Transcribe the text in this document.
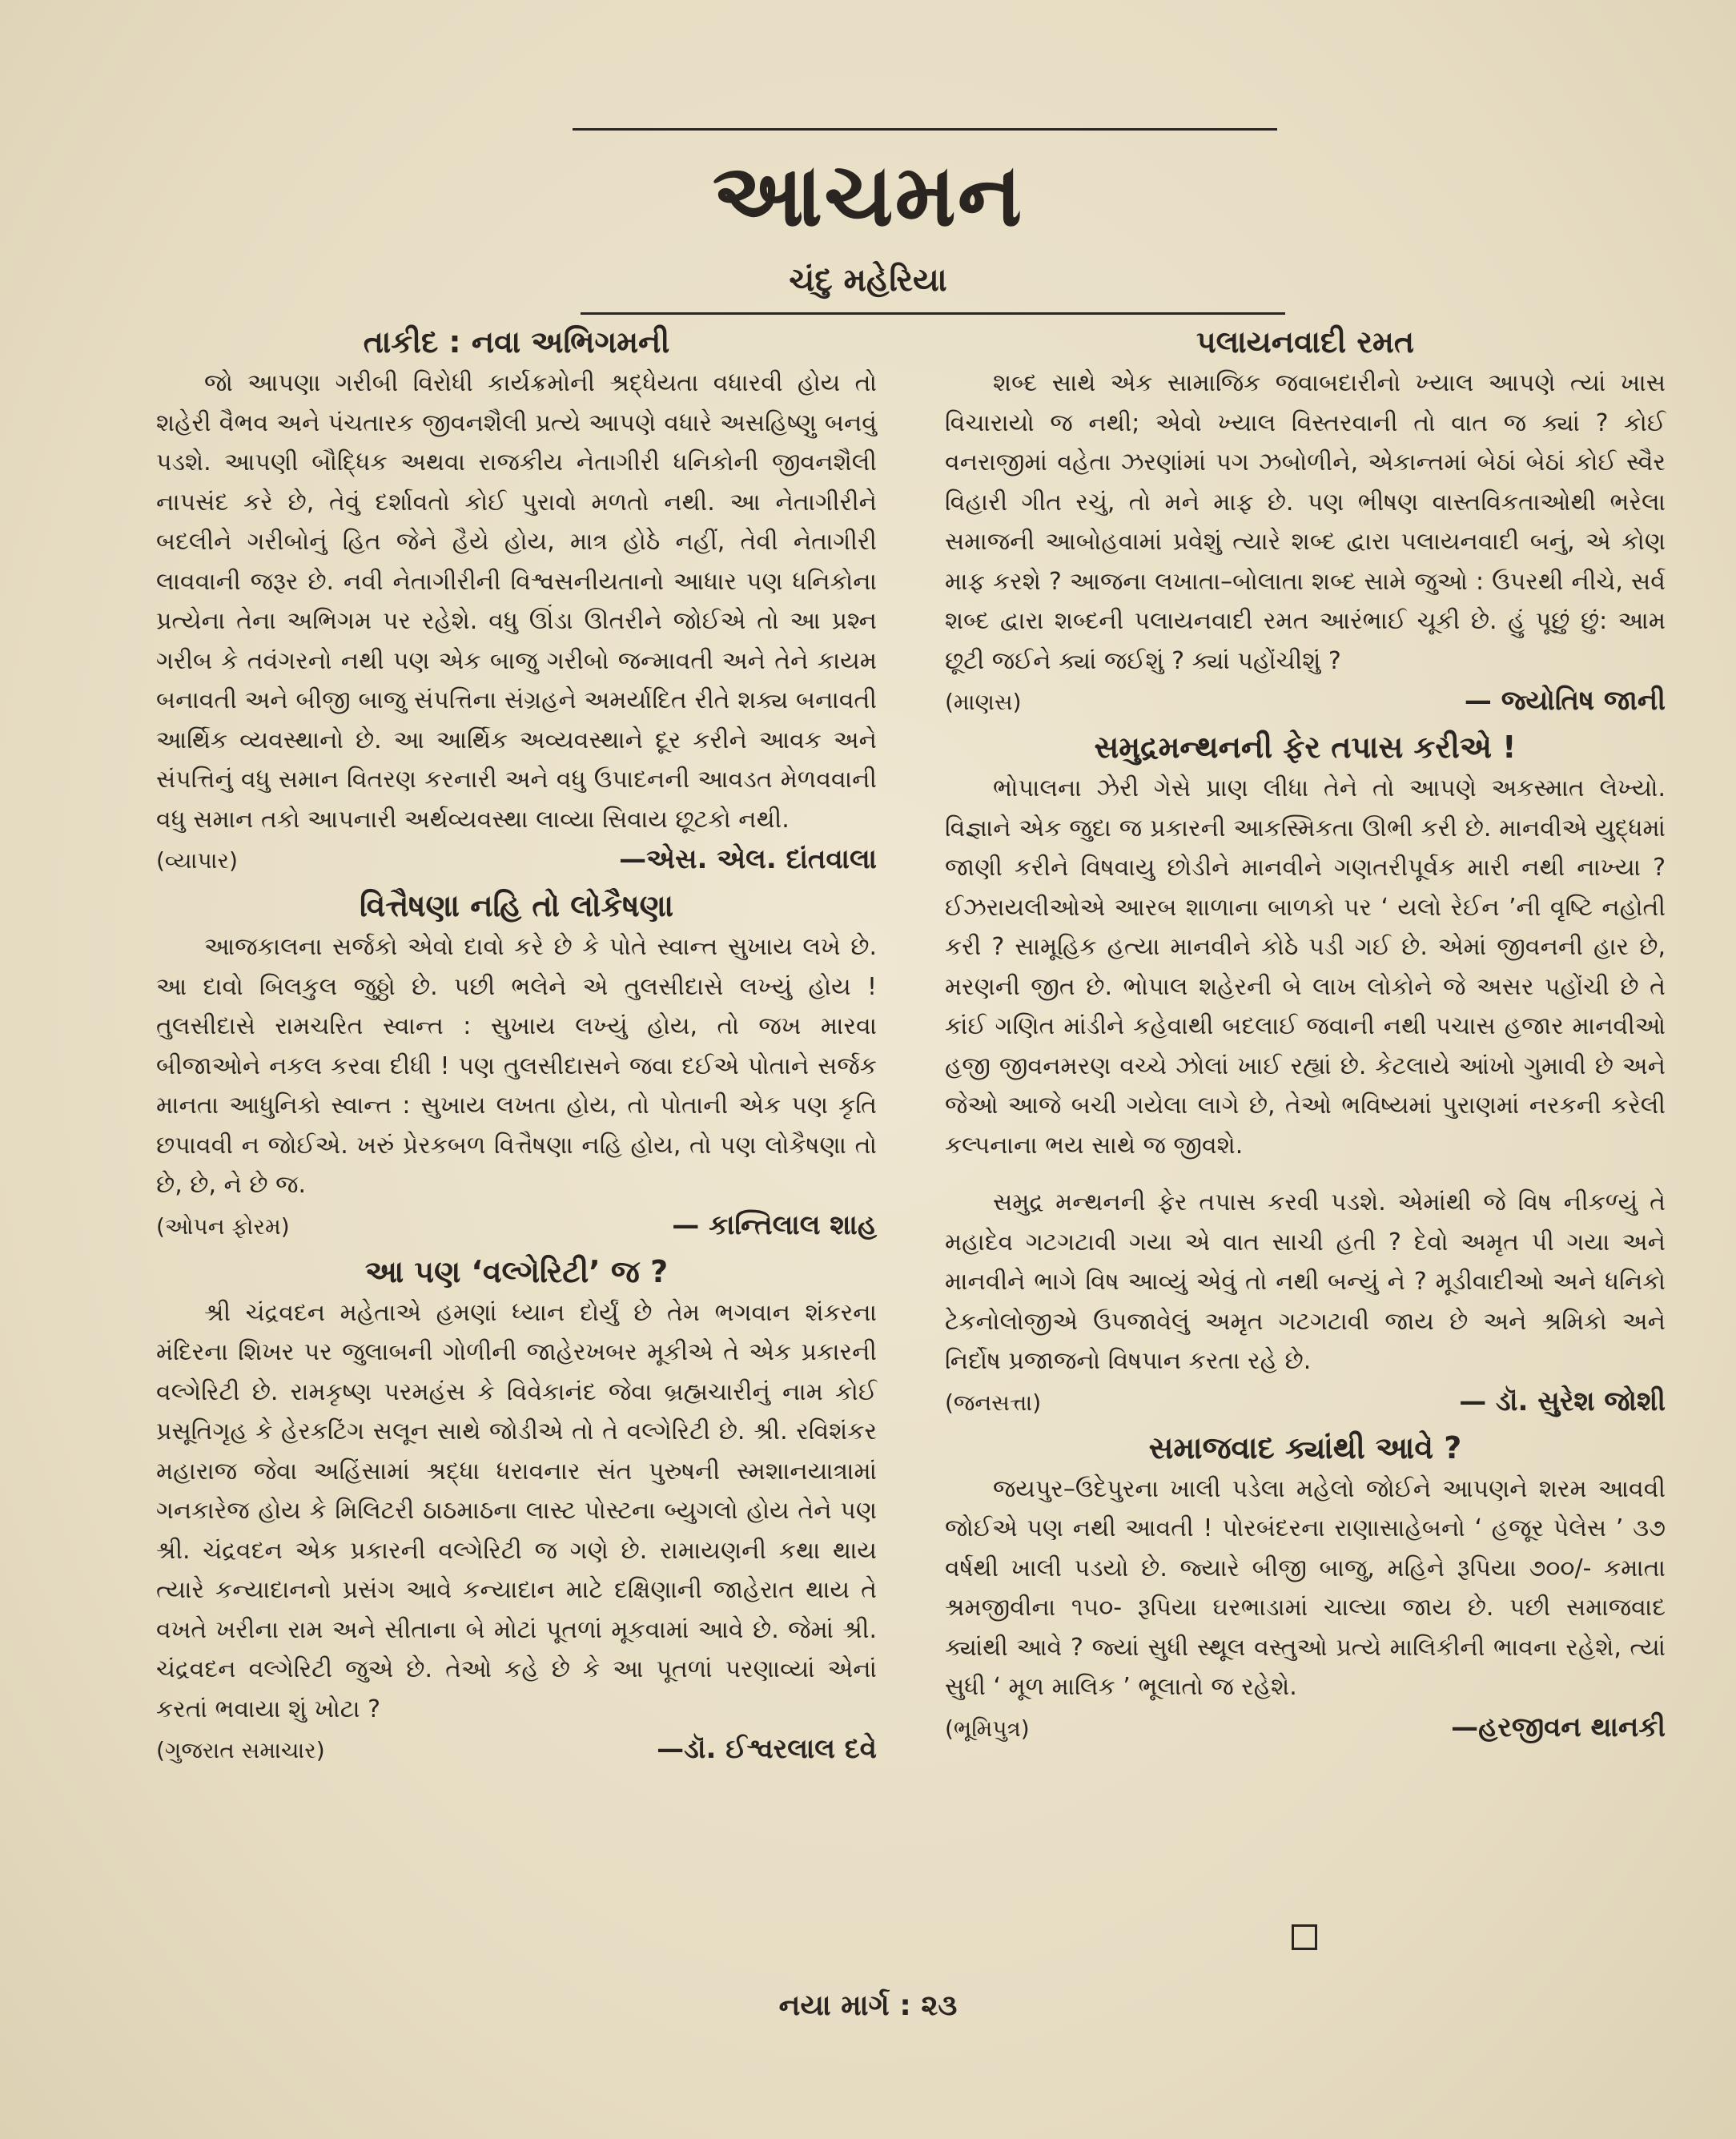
આચમન
ચંદુ મહેરિયા

તાકીદ : નવા અભિગમની

જો આપણા ગરીબી વિરોધી કાર્યક્રમોની શ્રદ્ધેયતા વધારવી હોય તો શહેરી વૈભવ અને પંચતારક જીવનશૈલી પ્રત્યે આપણે વધારે અસહિષ્ણુ બનવું પડશે. આપણી બૌદ્ધિક અથવા રાજકીય નેતાગીરી ધનિકોની જીવનશૈલી નાપસંદ કરે છે, તેવું દર્શાવતો કોઈ પુરાવો મળતો નથી. આ નેતાગીરીને બદલીને ગરીબોનું હિત જેને હૈયે હોય, માત્ર હોઠે નહીં, તેવી નેતાગીરી લાવવાની જરૂર છે. નવી નેતાગીરીની વિશ્વસનીયતાનો આધાર પણ ધનિકોના પ્રત્યેના તેના અભિગમ પર રહેશે. વધુ ઊંડા ઊતરીને જોઈએ તો આ પ્રશ્ન ગરીબ કે તવંગરનો નથી પણ એક બાજુ ગરીબો જન્માવતી અને તેને કાયમ બનાવતી અને બીજી બાજુ સંપત્તિના સંગ્રહને અમર્યાદિત રીતે શક્ય બનાવતી આર્થિક વ્યવસ્થાનો છે. આ આર્થિક અવ્યવસ્થાને દૂર કરીને આવક અને સંપત્તિનું વધુ સમાન વિતરણ કરનારી અને વધુ ઉપાદનની આવડત મેળવવાની વધુ સમાન તકો આપનારી અર્થવ્યવસ્થા લાવ્યા સિવાય છૂટકો નથી.

(વ્યાપાર)	—એસ. એલ. દાંતવાલા

વિત્તૈષણા નહિ તો લોકૈષણા

આજકાલના સર્જકો એવો દાવો કરે છે કે પોતે સ્વાન્ત સુખાય લખે છે. આ દાવો બિલકુલ જુઠ્ઠો છે. પછી ભલેને એ તુલસીદાસે લખ્યું હોય ! તુલસીદાસે રામચરિત સ્વાન્ત : સુખાય લખ્યું હોય, તો જખ મારવા બીજાઓને નકલ કરવા દીધી ! પણ તુલસીદાસને જવા દઈએ પોતાને સર્જક માનતા આધુનિકો સ્વાન્ત : સુખાય લખતા હોય, તો પોતાની એક પણ કૃતિ છપાવવી ન જોઈએ. ખરું પ્રેરકબળ વિત્તૈષણા નહિ હોય, તો પણ લોકૈષણા તો છે, છે, ને છે જ.

(ઓપન ફોરમ)	— કાન્તિલાલ શાહ

આ પણ ‘વલ્ગેરિટી’ જ ?

શ્રી ચંદ્રવદન મહેતાએ હમણાં ધ્યાન દોર્યું છે તેમ ભગવાન શંકરના મંદિરના શિખર પર જુલાબની ગોળીની જાહેરખબર મૂકીએ તે એક પ્રકારની વલ્ગેરિટી છે. રામકૃષ્ણ પરમહંસ કે વિવેકાનંદ જેવા બ્રહ્મચારીનું નામ કોઈ પ્રસૂતિગૃહ કે હેરકટિંગ સલૂન સાથે જોડીએ તો તે વલ્ગેરિટી છે. શ્રી. રવિશંકર મહારાજ જેવા અહિંસામાં શ્રદ્ધા ધરાવનાર સંત પુરુષની સ્મશાનયાત્રામાં ગનકારેજ હોય કે મિલિટરી ઠાઠમાઠના લાસ્ટ પોસ્ટના બ્યુગલો હોય તેને પણ શ્રી. ચંદ્રવદન એક પ્રકારની વલ્ગેરિટી જ ગણે છે. રામાયણની કથા થાય ત્યારે કન્યાદાનનો પ્રસંગ આવે કન્યાદાન માટે દક્ષિણાની જાહેરાત થાય તે વખતે ખરીના રામ અને સીતાના બે મોટાં પૂતળાં મૂકવામાં આવે છે. જેમાં શ્રી. ચંદ્રવદન વલ્ગેરિટી જુએ છે. તેઓ કહે છે કે આ પૂતળાં પરણાવ્યાં એનાં કરતાં ભવાયા શું ખોટા ?

(ગુજરાત સમાચાર)	—ડૉ. ઈશ્વરલાલ દવે

પલાયનવાદી રમત

શબ્દ સાથે એક સામાજિક જવાબદારીનો ખ્યાલ આપણે ત્યાં ખાસ વિચારાયો જ નથી; એવો ખ્યાલ વિસ્તરવાની તો વાત જ ક્યાં ? કોઈ વનરાજીમાં વહેતા ઝરણાંમાં પગ ઝબોળીને, એકાન્તમાં બેઠાં બેઠાં કોઈ સ્વૈર વિહારી ગીત રચું, તો મને માફ છે. પણ ભીષણ વાસ્તવિકતાઓથી ભરેલા સમાજની આબોહવામાં પ્રવેશું ત્યારે શબ્દ દ્વારા પલાયનવાદી બનું, એ કોણ માફ કરશે ? આજના લખાતા–બોલાતા શબ્દ સામે જુઓ : ઉપરથી નીચે, સર્વ શબ્દ દ્વારા શબ્દની પલાયનવાદી રમત આરંભાઈ ચૂકી છે. હું પૂછું છું: આમ છૂટી જઈને ક્યાં જઈશું ? ક્યાં પહોંચીશું ?

(માણસ)	— જ્યોતિષ જાની

સમુદ્રમન્થનની ફેર તપાસ કરીએ !

ભોપાલના ઝેરી ગેસે પ્રાણ લીધા તેને તો આપણે અકસ્માત લેખ્યો. વિજ્ઞાને એક જુદા જ પ્રકારની આકસ્મિકતા ઊભી કરી છે. માનવીએ યુદ્ધમાં જાણી કરીને વિષવાયુ છોડીને માનવીને ગણતરીપૂર્વક મારી નથી નાખ્યા ? ઈઝરાયલીઓએ આરબ શાળાના બાળકો પર ‘ યલો રેઈન ’ની વૃષ્ટિ નહોતી કરી ? સામૂહિક હત્યા માનવીને કોઠે પડી ગઈ છે. એમાં જીવનની હાર છે, મરણની જીત છે. ભોપાલ શહેરની બે લાખ લોકોને જે અસર પહોંચી છે તે કાંઈ ગણિત માંડીને કહેવાથી બદલાઈ જવાની નથી પચાસ હજાર માનવીઓ હજી જીવનમરણ વચ્ચે ઝોલાં ખાઈ રહ્યાં છે. કેટલાયે આંખો ગુમાવી છે અને જેઓ આજે બચી ગયેલા લાગે છે, તેઓ ભવિષ્યમાં પુરાણમાં નરકની કરેલી કલ્પનાના ભય સાથે જ જીવશે.

સમુદ્ર મન્થનની ફેર તપાસ કરવી પડશે. એમાંથી જે વિષ નીકળ્યું તે મહાદેવ ગટગટાવી ગયા એ વાત સાચી હતી ? દેવો અમૃત પી ગયા અને માનવીને ભાગે વિષ આવ્યું એવું તો નથી બન્યું ને ? મૂડીવાદીઓ અને ધનિકો ટેકનોલોજીએ ઉપજાવેલું અમૃત ગટગટાવી જાય છે અને શ્રમિકો અને નિર્દોષ પ્રજાજનો વિષપાન કરતા રહે છે.

(જનસત્તા)	— ડૉ. સુરેશ જોશી

સમાજવાદ ક્યાંથી આવે ?

જયપુર–ઉદેપુરના ખાલી પડેલા મહેલો જોઈને આપણને શરમ આવવી જોઈએ પણ નથી આવતી ! પોરબંદરના રાણાસાહેબનો ‘ હજૂર પેલેસ ’ ૩૭ વર્ષથી ખાલી પડયો છે. જ્યારે બીજી બાજુ, મહિને રૂપિયા ૭૦૦/- કમાતા શ્રમજીવીના ૧૫૦- રૂપિયા ઘરભાડામાં ચાલ્યા જાય છે. પછી સમાજવાદ ક્યાંથી આવે ? જ્યાં સુધી સ્થૂલ વસ્તુઓ પ્રત્યે માલિકીની ભાવના રહેશે, ત્યાં સુધી ‘ મૂળ માલિક ’ ભૂલાતો જ રહેશે.

(ભૂમિપુત્ર)	—હરજીવન થાનકી
નયા માર્ગ : ૨૩
